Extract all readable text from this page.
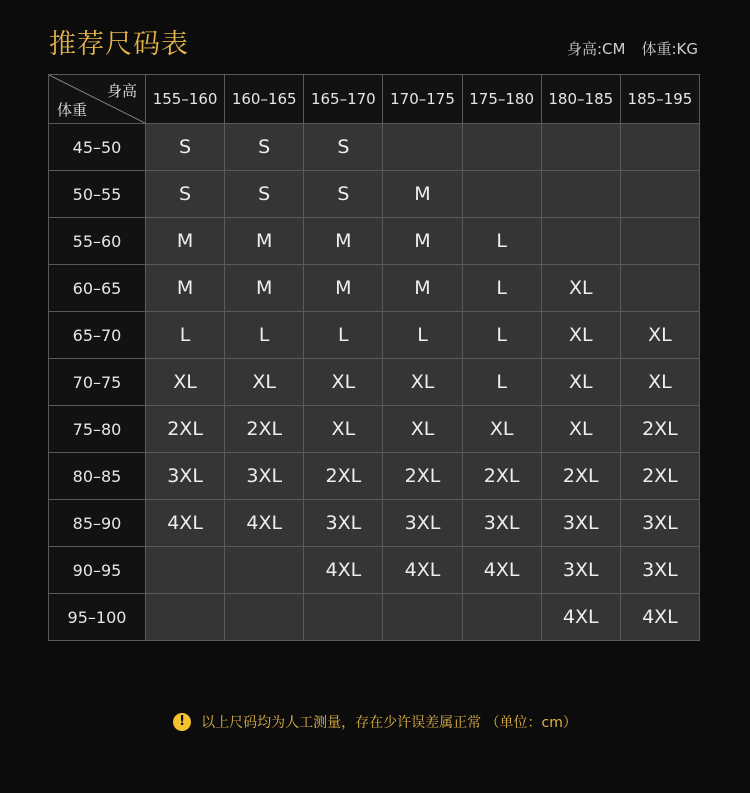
推荐尺码表	身高:CM 体重:KG
身高
体重	155–160	160–165	165–170	170–175	175–180	180–185	185–195
45–50	S	S	S				
50–55	S	S	S	M			
55–60	M	M	M	M	L		
60–65	M	M	M	M	L	XL	
65–70	L	L	L	L	L	XL	XL
70–75	XL	XL	XL	XL	L	XL	XL
75–80	2XL	2XL	XL	XL	XL	XL	2XL
80–85	3XL	3XL	2XL	2XL	2XL	2XL	2XL
85–90	4XL	4XL	3XL	3XL	3XL	3XL	3XL
90–95			4XL	4XL	4XL	3XL	3XL
95–100						4XL	4XL
!	以上尺码均为人工测量，存在少许误差属正常 （单位：cm）
